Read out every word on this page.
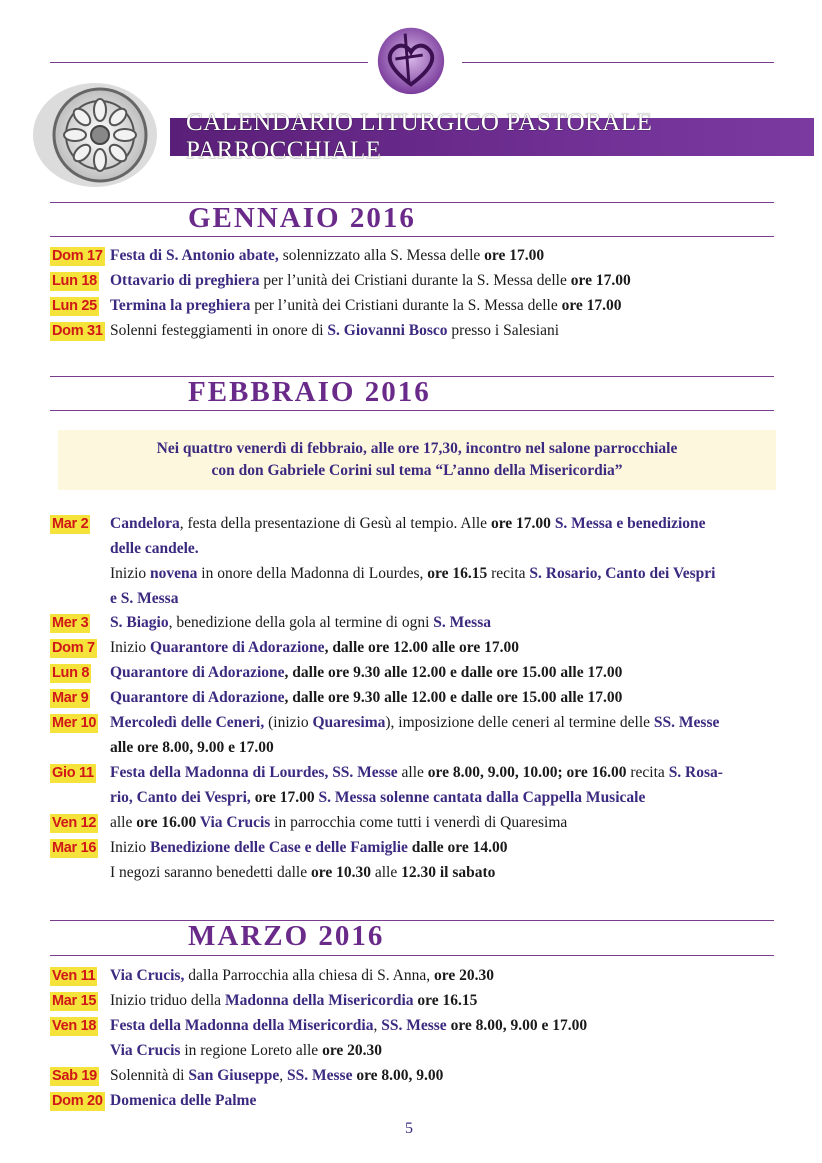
CALENDARIO LITURGICO PASTORALE PARROCCHIALE
GENNAIO 2016
Dom 17 Festa di S. Antonio abate, solennizzato alla S. Messa delle ore 17.00
Lun 18 Ottavario di preghiera per l’unità dei Cristiani durante la S. Messa delle ore 17.00
Lun 25 Termina la preghiera per l’unità dei Cristiani durante la S. Messa delle ore 17.00
Dom 31 Solenni festeggiamenti in onore di S. Giovanni Bosco presso i Salesiani
FEBBRAIO 2016
Nei quattro venerdì di febbraio, alle ore 17,30, incontro nel salone parrocchiale
con don Gabriele Corini sul tema “L’anno della Misericordia”
Mar 2 Candelora, festa della presentazione di Gesù al tempio. Alle ore 17.00 S. Messa e benedizione
delle candele.
Inizio novena in onore della Madonna di Lourdes, ore 16.15 recita S. Rosario, Canto dei Vespri
e S. Messa
Mer 3 S. Biagio, benedizione della gola al termine di ogni S. Messa
Dom 7 Inizio Quarantore di Adorazione, dalle ore 12.00 alle ore 17.00
Lun 8 Quarantore di Adorazione, dalle ore 9.30 alle 12.00 e dalle ore 15.00 alle 17.00
Mar 9 Quarantore di Adorazione, dalle ore 9.30 alle 12.00 e dalle ore 15.00 alle 17.00
Mer 10 Mercoledì delle Ceneri, (inizio Quaresima), imposizione delle ceneri al termine delle SS. Messe
alle ore 8.00, 9.00 e 17.00
Gio 11 Festa della Madonna di Lourdes, SS. Messe alle ore 8.00, 9.00, 10.00; ore 16.00 recita S. Rosa-
rio, Canto dei Vespri, ore 17.00 S. Messa solenne cantata dalla Cappella Musicale
Ven 12 alle ore 16.00 Via Crucis in parrocchia come tutti i venerdì di Quaresima
Mar 16 Inizio Benedizione delle Case e delle Famiglie dalle ore 14.00
I negozi saranno benedetti dalle ore 10.30 alle 12.30 il sabato
MARZO 2016
Ven 11 Via Crucis, dalla Parrocchia alla chiesa di S. Anna, ore 20.30
Mar 15 Inizio triduo della Madonna della Misericordia ore 16.15
Ven 18 Festa della Madonna della Misericordia, SS. Messe ore 8.00, 9.00 e 17.00
Via Crucis in regione Loreto alle ore 20.30
Sab 19 Solennità di San Giuseppe, SS. Messe ore 8.00, 9.00
Dom 20 Domenica delle Palme
5
